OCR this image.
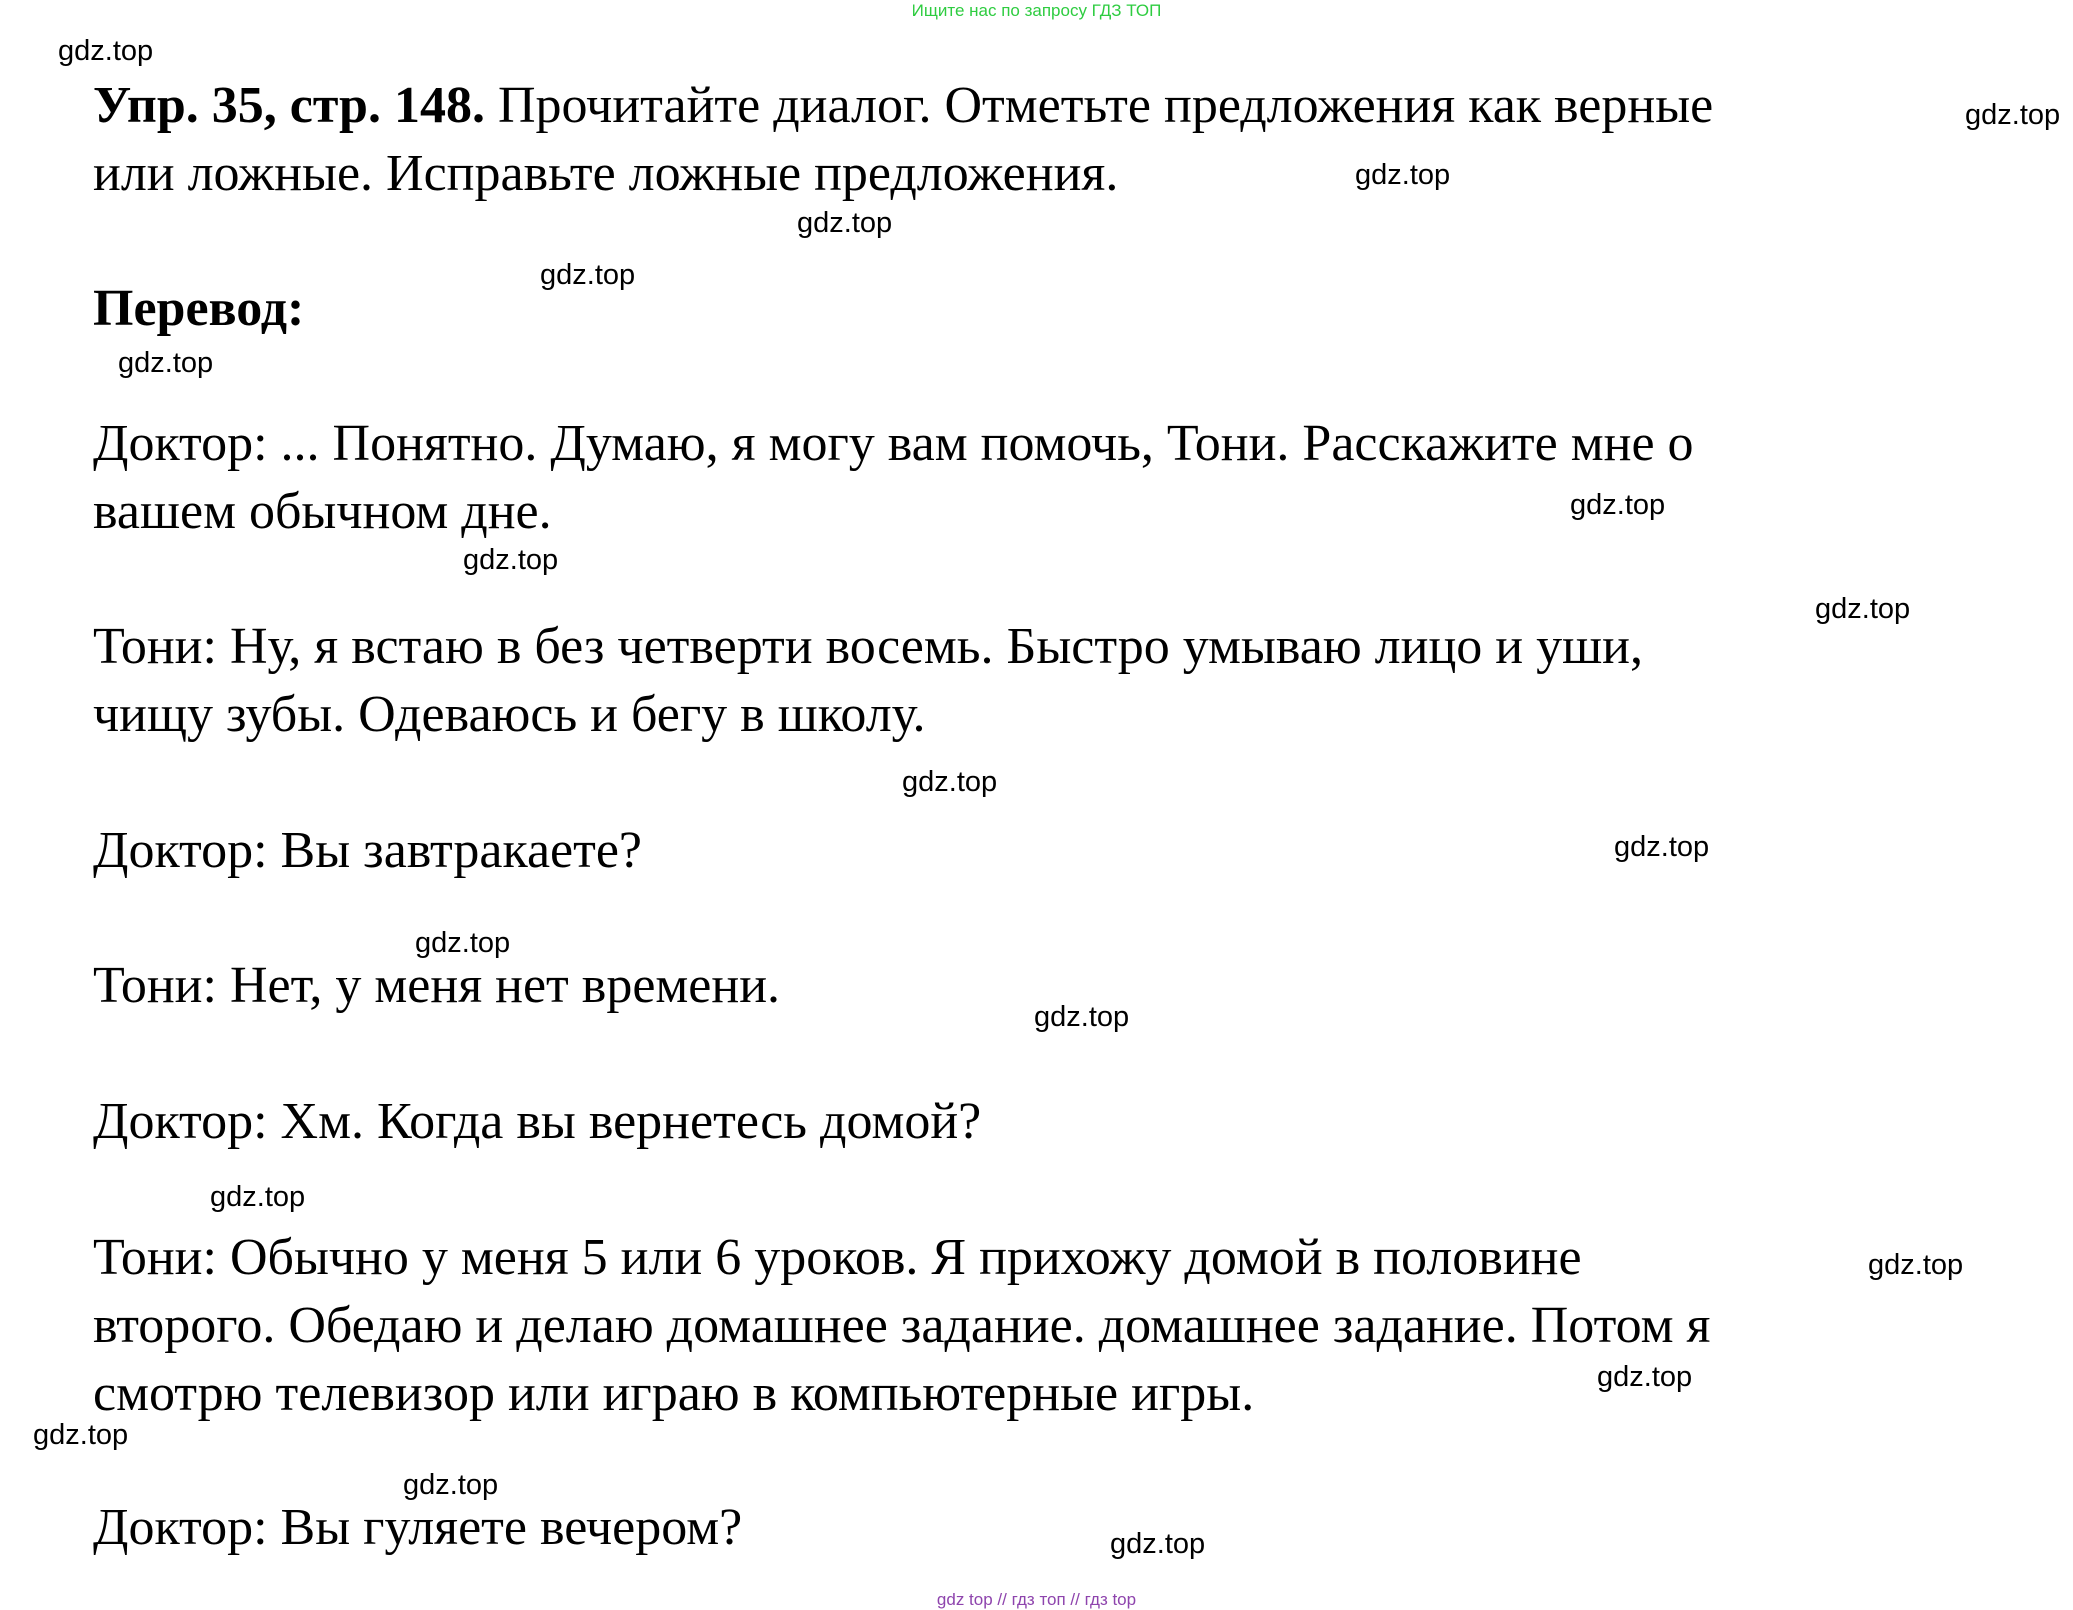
Ищите нас по запросу ГДЗ ТОП
Упр. 35, стр. 148. Прочитайте диалог. Отметьте предложения как верные
или ложные. Исправьте ложные предложения.
Перевод:
Доктор: ... Понятно. Думаю, я могу вам помочь, Тони. Расскажите мне о
вашем обычном дне.
Тони: Ну, я встаю в без четверти восемь. Быстро умываю лицо и уши,
чищу зубы. Одеваюсь и бегу в школу.
Доктор: Вы завтракаете?
Тони: Нет, у меня нет времени.
Доктор: Хм. Когда вы вернетесь домой?
Тони: Обычно у меня 5 или 6 уроков. Я прихожу домой в половине
второго. Обедаю и делаю домашнее задание. домашнее задание. Потом я
смотрю телевизор или играю в компьютерные игры.
Доктор: Вы гуляете вечером?
gdz.top
gdz.top
gdz.top
gdz.top
gdz.top
gdz.top
gdz.top
gdz.top
gdz.top
gdz.top
gdz.top
gdz.top
gdz.top
gdz.top
gdz.top
gdz.top
gdz.top
gdz.top
gdz.top
gdz top // гдз топ // гдз top
